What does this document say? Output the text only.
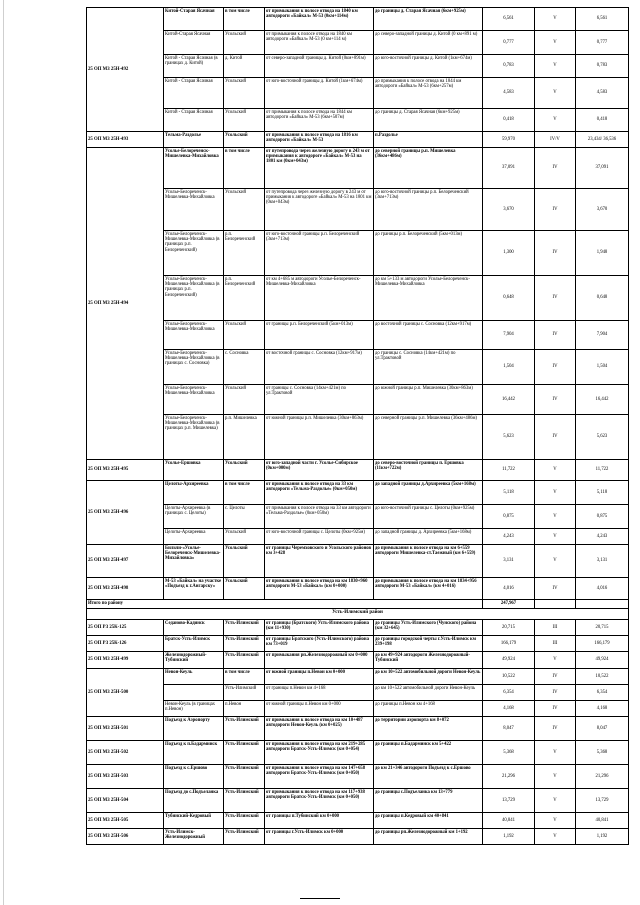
25 ОП МЗ 25Н-492	Китой-Старая Ясачная	в том числе	от примыкания к полосе отвода на 1840 км автодороги «Байкал» М-53 (0км+114м)	до границы д. Старая Ясачная (6км+925м)	6,561	V	6,561
	Китой-Старая Ясачная	Усольский	от примыкания к полосе отвода на 1840 км автодороги «Байкал» М-53 (0 км+114 м)	до северо-западной границы д. Китой (0 км+891 м)	0,777	V	0,777
	Китой - Старая Ясачная (в границах д. Китой)	д. Китой	от северо-западной границы д. Китой (0км+891м)	до юго-восточной границы д. Китой (1км+674м)	0,783	V	0,783
	Китой - Старая Ясачная	Усольский	от юго-восточной границы д. Китой (1км+674м)	до примыкания к полосе отвода на 1844 км автодороги «Байкал» М-53 (6км+257м)	4,583	V	4,583
	Китой - Старая Ясачная	Усольский	от примыкания к полосе отвода на 1844 км автодороги «Байкал» М-53 (6км+507м)	до границы д. Старая Ясачная (6км+925м)	0,418	V	0,418
25 ОП МЗ 25Н-493	Тельма-Раздолье	Усольский	от примыкания к полосе отвода на 1816 км автодороги «Байкал» М-53	п.Раздолье	59,970	IV/V	23,434/ 36,536
25 ОП МЗ 25Н-494	Усолье-Белореченск-Мишелевка-Михайловка	в том числе	от путепровода через железную дорогу в 243 м от примыкания к автодороге «Байкал» М-53 на 1801 км (0км+043м)	до северной границы р.п. Мишелевка (36км+486м)	37,091	IV	37,091
	Усолье-Белореченск-Мишелевка-Михайловка	Усольский	от путепровода через железную дорогу в 243 м от примыкания к автодороге «Байкал» М-53 на 1801 км (0км+043м)	до юго-восточной границы р.п. Белореченский (3км+713м)	3,670	IV	3,670
	Усолье-Белореченск-Мишелевка-Михайловка (в границах р.п. Белореченский)	р.п. Белореченский	от юго-восточной границы р.п. Белореченский (3км+713м)	до границы р.п. Белореченский (5км+013м)	1,300	IV	1,948
	Усолье-Белореченск-Мишелевка-Михайловка (в границах р.п. Белореченский)	р.п. Белореченский	от км 4+685 м автодороги Усолье-Белореченск-Мишелевка-Михайловка	до км 5+133 м автодороги Усолье-Белореченск-Мишелевка-Михайловка	0,648	IV	0,648
	Усолье-Белореченск-Мишелевка-Михайловка	Усольский	от границы р.п. Белореченский (5км+013м)	до восточной границы с. Сосновка (12км+917м)	7,904	IV	7,904
	Усолье-Белореченск-Мишелевка-Михайловка (в границах с. Сосновка)	с. Сосновка	от восточной границы с. Сосновка (12км+917м)	до границы с. Сосновка (14км+421м) по ул.Трактовой	1,504	IV	1,504
	Усолье-Белореченск-Мишелевка-Михайловка	Усольский	от границы с. Сосновка (14км+421м) по ул.Трактовой	до южной границы р.п. Мишелевка (30км+863м)	16,442	IV	16,442
	Усолье-Белореченск-Мишелевка-Михайловка (в границах р.п. Мишелевка)	р.п. Мишелевка	от южной границы р.п. Мишелевка (30км+863м)	до северной границы р.п. Мишелевка (36км+486м)	5,623	IV	5,623
25 ОП МЗ 25Н-495	Усолье-Ершовка	Усольский	от юго-западной части г. Усолье-Сибирское (0км+000м)	до северо-восточной границы п. Ершовка (11км+722м)	11,722	V	11,722
25 ОП МЗ 25Н-496	Целоты-Архиреевка	в том числе	от примыкания к полосе отвода на 33 км автодороги «Тельма-Раздолье» (0км+050м)	до западной границы д.Архиреевка (5км+168м)	5,118	V	5,118
	Целоты-Архиреевка (в границах с. Целоты)	с. Целоты	от примыкания к полосе отвода на 33 км автодороги «Тельма-Раздолье» (0км+050м)	до юго-восточной границы с. Целоты (0км+925м)	0,875	V	0,875
	Целоты-Архиреевка	Усольский	от юго-восточной границы с. Целоты (0км+925м)	до западной границы д. Архиреевка (5км+168м)	4,243	V	4,243
25 ОП МЗ 25Н-497	Бильчи-«Усолье-Белореченск-Мишелевка-Михайловка»	Усольский	от границы Черемховского и Усольского районов км 3+428	до примыкания к полосе отвода на км 6+559 автодороги Мишелевка-ст.Таежный (км 6+559)	3,131	V	3,131
25 ОП МЗ 25Н-498	М-53 «Байкал» на участке «Подъезд к г.Ангарску»	Усольский	от примыкания к полосе отвода на км 1830+960 автодороги М-53 «Байкал» (км 0+000)	до примыкания к полосе отвода на км 1834+956 автодороги М-53 «Байкал» (км 4+016)	4,016	IV	4,016
Итого по району					247,967		
Усть-Илимский район							
25 ОП РЗ 25К-125	Седаново-Кадинск	Усть-Илимский	от границы (Братского) Усть-Илимского района (км 11+930)	до границы Усть-Илимского (Чунского) района (км 32+645)	20,715	III	20,715
25 ОП РЗ 25К-126	Братск-Усть-Илимск	Усть-Илимский	от границы Братского (Усть-Илимского) района км 73+019	до границы городской черты г.Усть-Илимск км 239+198	166,179	III	166,179
25 ОП МЗ 25Н-499	Железнодорожный-Тубинский	Усть-Илимский	от примыкания рп.Железнодорожный км 0+000	до км 49+924 автодороги Железнодорожный-Тубинский	49,924	V	49,924
25 ОП МЗ 25Н-500	Невон-Кеуль	в том числе	от южной границы п.Невон км 0+000	до км 10+522 автомобильной дороги Невон-Кеуль	10,522	IV	10,522
		Усть-Илимский	от границы п.Невон км 4+168	до км 10+522 автомобильной дороги Невон-Кеуль	6,354	IV	6,354
	Невон-Кеуль (в границах п.Невон)	п.Невон	от южной границы п.Невон км 0+000	до границы п.Невон км 4+168	4,168	IV	4,168
25 ОП МЗ 25Н-501	Подъезд к Аэропорту	Усть-Илимский	от примыкания к полосе отвода на км 10+487 автодороги Невон-Кеуль (км 0+025)	до территории аэропорта км 8+072	8,047	IV	8,047
25 ОП МЗ 25Н-502	Подъезд к п.Бадарминск	Усть-Илимский	от примыкания к полосе отвода на км 219+285 автодороги Братск-Усть-Илимск (км 0+054)	до границы п.Бадарминск км 5+422	5,368	V	5,368
25 ОП МЗ 25Н-503	Подъезд к с.Ершово	Усть-Илимский	от примыкания к полосе отвода на км 147+658 автодороги Братск-Усть-Илимск (км 0+050)	до км 21+346 автодороги Подъезд к с.Ершово	21,296	V	21,296
25 ОП МЗ 25Н-504	Подъезд до с.Подъеланка	Усть-Илимский	от примыкания к полосе отвода на км 117+938 автодороги Братск-Усть-Илимск (км 0+050)	до границы с.Подъеланка км 13+779	13,729	V	13,729
25 ОП МЗ 25Н-505	Тубинский-Кедровый	Усть-Илимский	от границы п.Тубинский км 0+000	до границы п.Кедровый км 40+841	40,841	V	40,841
25 ОП МЗ 25Н-506	Усть-Илимск-Железнодорожный	Усть-Илимский	от границы г.Усть-Илимск км 0+000	до границы рп.Железнодорожный км 1+192	1,192	V	1,192
